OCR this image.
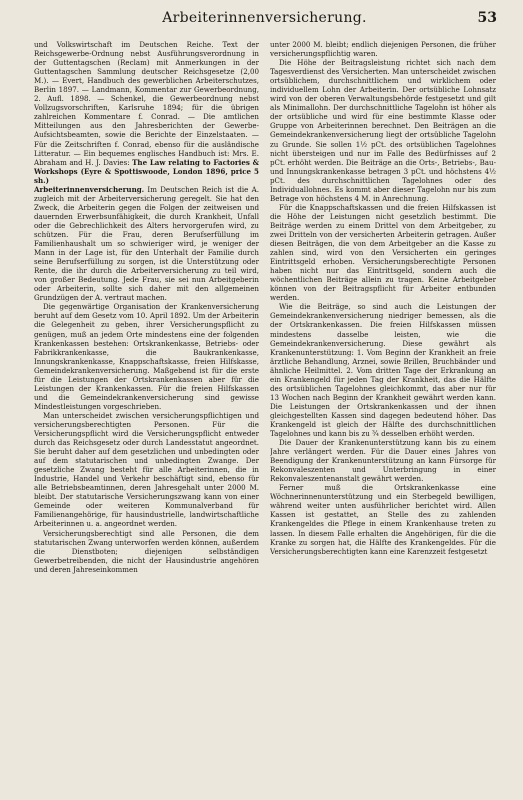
Arbeiterinnenversicherung.	53

und Volkswirtschaft im Deutschen Reiche. Text der Reichsgewerbe-Ordnung nebst Ausführungsverordnung in der Guttentagschen (Reclam) mit Anmerkungen in der Guttentagschen Sammlung deutscher Reichsgesetze (2,00 M.). — Evert, Handbuch des gewerblichen Arbeiterschutzes, Berlin 1897. — Landmann, Kommentar zur Gewerbeordnung, 2. Aufl. 1898. — Schenkel, die Gewerbeordnung nebst Vollzugsvorschriften, Karlsruhe 1894; für die übrigen zahlreichen Kommentare f. Conrad. — Die amtlichen Mitteilungen aus den Jahresberichten der Gewerbe-Aufsichtsbeamten, sowie die Berichte der Einzelstaaten. — Für die Zeitschriften f. Conrad, ebenso für die ausländische Litteratur. — Ein bequemes englisches Handbuch ist: Mrs. E. Abraham and H. J. Davies: The Law relating to Factories & Workshops (Eyre & Spottiswoode, London 1896, price 5 sh.)

Arbeiterinnenversicherung. Im Deutschen Reich ist die A. zugleich mit der Arbeiterversicherung geregelt. Sie hat den Zweck, die Arbeiterin gegen die Folgen der zeitweisen und dauernden Erwerbsunfähigkeit, die durch Krankheit, Unfall oder die Gebrechlichkeit des Alters hervorgerufen wird, zu schützen. Für die Frau, deren Berufserfüllung im Familienhaushalt um so schwieriger wird, je weniger der Mann in der Lage ist, für den Unterhalt der Familie durch seine Berufserfüllung zu sorgen, ist die Unterstützung oder Rente, die ihr durch die Arbeiterversicherung zu teil wird, von großer Bedeutung. Jede Frau, sie sei nun Arbeitgeberin oder Arbeiterin, sollte sich daher mit den allgemeinen Grundzügen der A. vertraut machen.

Die gegenwärtige Organisation der Krankenversicherung beruht auf dem Gesetz vom 10. April 1892. Um der Arbeiterin die Gelegenheit zu geben, ihrer Versicherungspflicht zu genügen, muß an jedem Orte mindestens eine der folgenden Krankenkassen bestehen: Ortskrankenkasse, Betriebs- oder Fabrikkrankenkasse, die Baukrankenkasse, Innungskrankenkasse, Knappschaftskasse, freien Hilfskasse, Gemeindekrankenversicherung. Maßgebend ist für die erste für die Leistungen der Ortskrankenkassen aber für die Leistungen der Krankenkassen. Für die freien Hilfskassen und die Gemeindekrankenversicherung sind gewisse Mindestleistungen vorgeschrieben.

Man unterscheidet zwischen versicherungspflichtigen und versicherungsberechtigten Personen. Für die Versicherungspflicht wird die Versicherungspflicht entweder durch das Reichsgesetz oder durch Landesstatut angeordnet. Sie beruht daher auf dem gesetzlichen und unbedingten oder auf dem statutarischen und unbedingten Zwange. Der gesetzliche Zwang besteht für alle Arbeiterinnen, die in Industrie, Handel und Verkehr beschäftigt sind, ebenso für alle Betriebsbeamtinnen, deren Jahresgehalt unter 2000 M. bleibt. Der statutarische Versicherungszwang kann von einer Gemeinde oder weiteren Kommunalverband für Familienangehörige, für hausindustrielle, landwirtschaftliche Arbeiterinnen u. a. angeordnet werden.

Versicherungsberechtigt sind alle Personen, die dem statutarischen Zwang unterworfen werden können, außerdem die Dienstboten; diejenigen selbständigen Gewerbetreibenden, die nicht der Hausindustrie angehören und deren Jahreseinkommen

unter 2000 M. bleibt; endlich diejenigen Personen, die früher versicherungspflichtig waren.

Die Höhe der Beitragsleistung richtet sich nach dem Tagesverdienst des Versicherten. Man unterscheidet zwischen ortsüblichem, durchschnittlichem und wirklichem oder individuellem Lohn der Arbeiterin. Der ortsübliche Lohnsatz wird von der oberen Verwaltungsbehörde festgesetzt und gilt als Minimallohn. Der durchschnittliche Tagelohn ist höher als der ortsübliche und wird für eine bestimmte Klasse oder Gruppe von Arbeiterinnen berechnet. Den Beiträgen an die Gemeindekrankenversicherung liegt der ortsübliche Tagelohn zu Grunde. Sie sollen 1½ pCt. des ortsüblichen Tagelohnes nicht übersteigen und nur im Falle des Bedürfnisses auf 2 pCt. erhöht werden. Die Beiträge an die Orts-, Betriebs-, Bau- und Innungskrankenkasse betragen 3 pCt. und höchstens 4½ pCt. des durchschnittlichen Tagelohnes oder des Individuallohnes. Es kommt aber dieser Tagelohn nur bis zum Betrage von höchstens 4 M. in Anrechnung.

Für die Knappschaftskassen und die freien Hilfskassen ist die Höhe der Leistungen nicht gesetzlich bestimmt. Die Beiträge werden zu einem Drittel von dem Arbeitgeber, zu zwei Dritteln von der versicherten Arbeiterin getragen. Außer diesen Beiträgen, die von dem Arbeitgeber an die Kasse zu zahlen sind, wird von den Versicherten ein geringes Eintrittsgeld erhoben. Versicherungsberechtigte Personen haben nicht nur das Eintrittsgeld, sondern auch die wöchentlichen Beiträge allein zu tragen. Keine Arbeitgeber können von der Beitragspflicht für Arbeiter entbunden werden.

Wie die Beiträge, so sind auch die Leistungen der Gemeindekrankenversicherung niedriger bemessen, als die der Ortskrankenkassen. Die freien Hilfskassen müssen mindestens dasselbe leisten, wie die Gemeindekrankenversicherung. Diese gewährt als Krankenunterstützung: 1. Vom Beginn der Krankheit an freie ärztliche Behandlung, Arznei, sowie Brillen, Bruchbänder und ähnliche Heilmittel. 2. Vom dritten Tage der Erkrankung an ein Krankengeld für jeden Tag der Krankheit, das die Hälfte des ortsüblichen Tagelohnes gleichkommt, das aber nur für 13 Wochen nach Beginn der Krankheit gewährt werden kann. Die Leistungen der Ortskrankenkassen und der ihnen gleichgestellten Kassen sind dagegen bedeutend höher. Das Krankengeld ist gleich der Hälfte des durchschnittlichen Tagelohnes und kann bis zu ¾ desselben erhöht werden.

Die Dauer der Krankenunterstützung kann bis zu einem Jahre verlängert werden. Für die Dauer eines Jahres von Beendigung der Krankenunterstützung an kann Fürsorge für Rekonvaleszenten und Unterbringung in einer Rekonvaleszentenanstalt gewährt werden.

Ferner muß die Ortskrankenkasse eine Wöchnerinnenunterstützung und ein Sterbegeld bewilligen, während weiter unten ausführlicher berichtet wird. Allen Kassen ist gestattet, an Stelle des zu zahlenden Krankengeldes die Pflege in einem Krankenhause treten zu lassen. In diesem Falle erhalten die Angehörigen, für die die Kranke zu sorgen hat, die Hälfte des Krankengeldes. Für die Versicherungsberechtigten kann eine Karenzzeit festgesetzt
